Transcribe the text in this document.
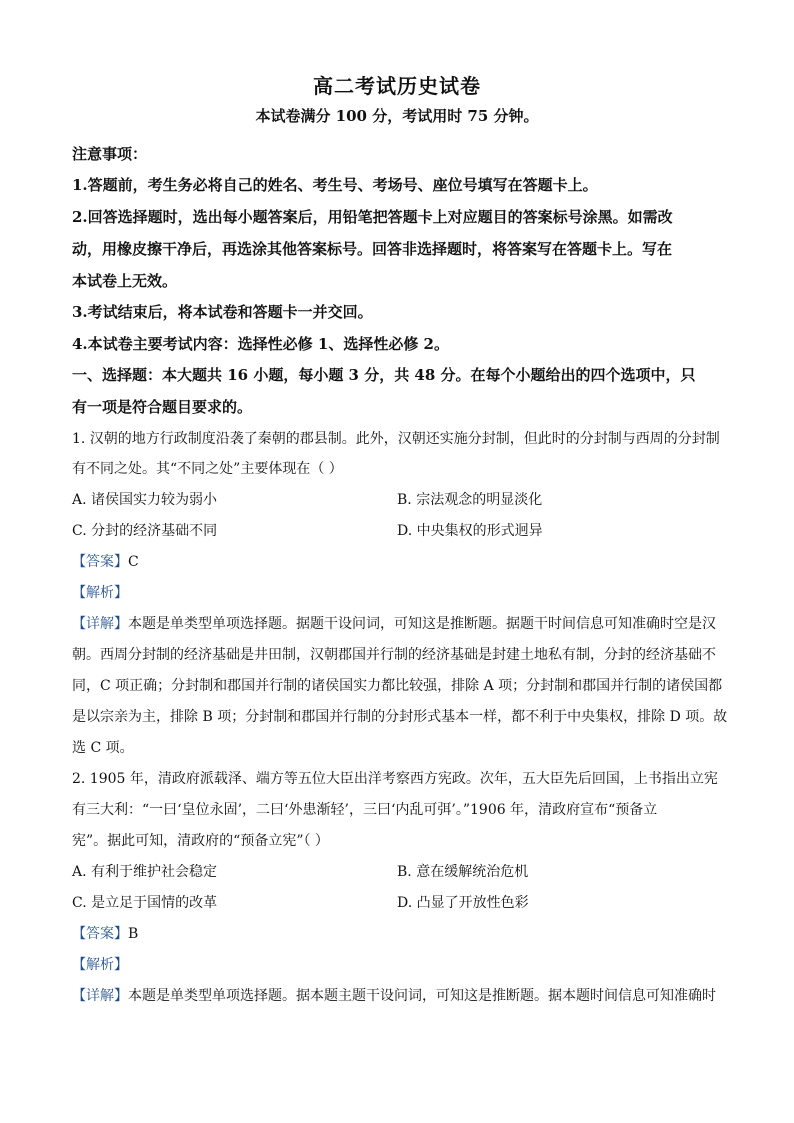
高二考试历史试卷
本试卷满分 100 分，考试用时 75 分钟。
注意事项：
1.答题前，考生务必将自己的姓名、考生号、考场号、座位号填写在答题卡上。
2.回答选择题时，选出每小题答案后，用铅笔把答题卡上对应题目的答案标号涂黑。如需改
动，用橡皮擦干净后，再选涂其他答案标号。回答非选择题时，将答案写在答题卡上。写在
本试卷上无效。
3.考试结束后，将本试卷和答题卡一并交回。
4.本试卷主要考试内容：选择性必修 1、选择性必修 2。
一、选择题：本大题共 16 小题，每小题 3 分，共 48 分。在每个小题给出的四个选项中，只
有一项是符合题目要求的。
1. 汉朝的地方行政制度沿袭了秦朝的郡县制。此外，汉朝还实施分封制，但此时的分封制与西周的分封制
有不同之处。其“不同之处”主要体现在（ ）
A. 诸侯国实力较为弱小	B. 宗法观念的明显淡化
C. 分封的经济基础不同	D. 中央集权的形式迥异
【答案】C
【解析】
【详解】本题是单类型单项选择题。据题干设问词，可知这是推断题。据题干时间信息可知准确时空是汉
朝。西周分封制的经济基础是井田制，汉朝郡国并行制的经济基础是封建土地私有制，分封的经济基础不
同，C 项正确；分封制和郡国并行制的诸侯国实力都比较强，排除 A 项；分封制和郡国并行制的诸侯国都
是以宗亲为主，排除 B 项；分封制和郡国并行制的分封形式基本一样，都不利于中央集权，排除 D 项。故
选 C 项。
2. 1905 年，清政府派载泽、端方等五位大臣出洋考察西方宪政。次年，五大臣先后回国，上书指出立宪
有三大利：“一曰‘皇位永固’，二曰‘外患渐轻’，三曰‘内乱可弭’。”1906 年，清政府宣布“预备立
宪”。据此可知，清政府的“预备立宪”（ ）
A. 有利于维护社会稳定	B. 意在缓解统治危机
C. 是立足于国情的改革	D. 凸显了开放性色彩
【答案】B
【解析】
【详解】本题是单类型单项选择题。据本题主题干设问词，可知这是推断题。据本题时间信息可知准确时
